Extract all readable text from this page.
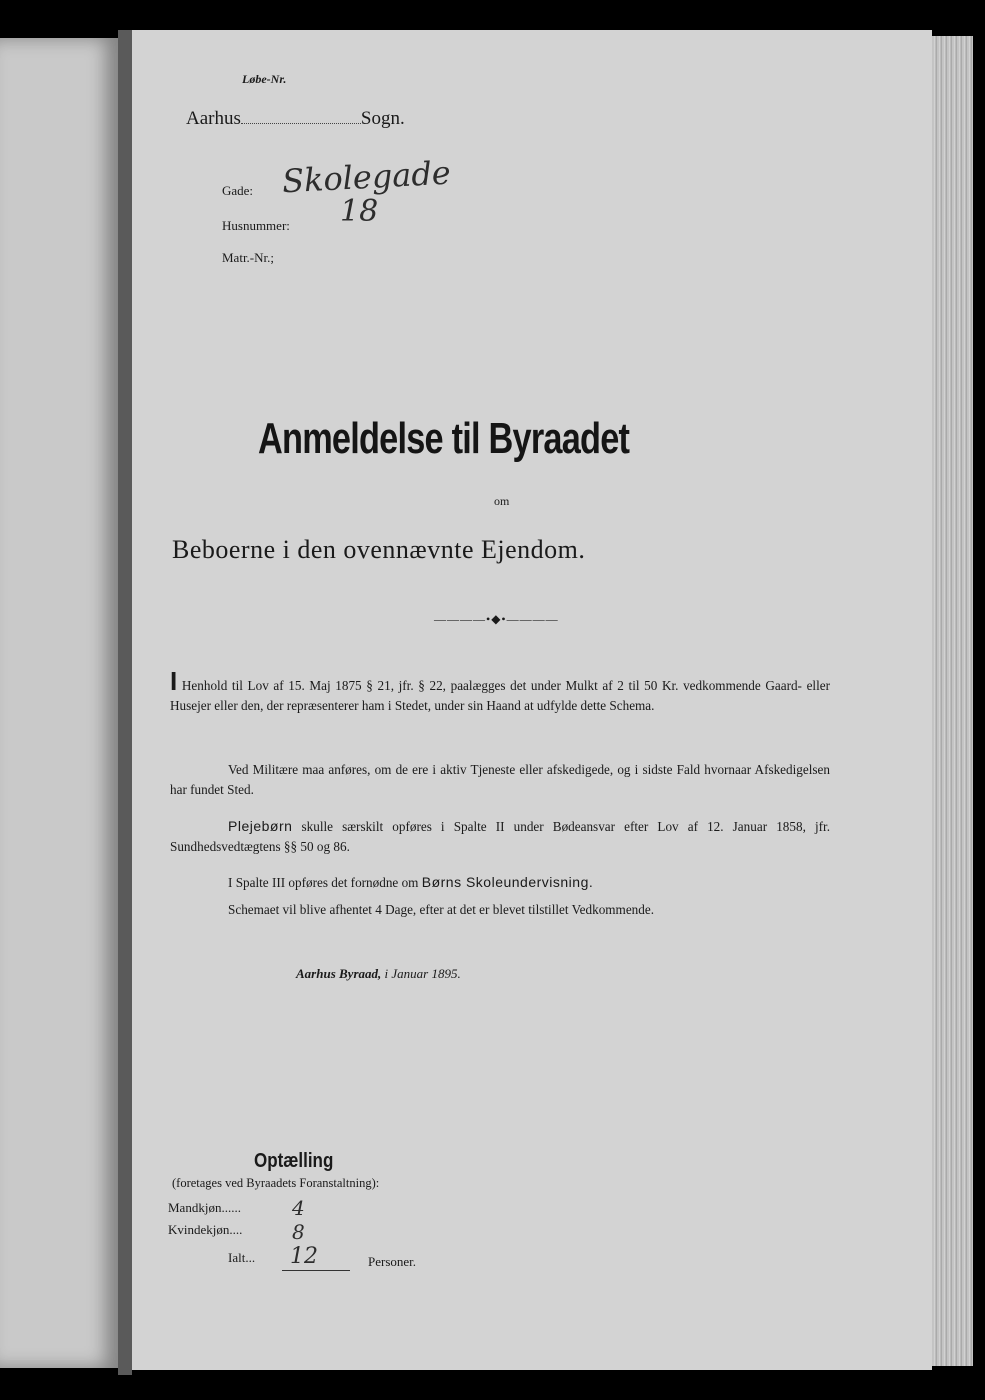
Løbe-Nr.
Aarhus	Sogn.
Gade: Skolegade
Husnummer: 18
Matr.-Nr.;
Anmeldelse til Byraadet
om
Beboerne i den ovennævnte Ejendom.
————•◆•————
I Henhold til Lov af 15. Maj 1875 § 21, jfr. § 22, paalægges det under Mulkt af 2 til 50 Kr. vedkommende Gaard- eller Husejer eller den, der repræsenterer ham i Stedet, under sin Haand at udfylde dette Schema.
Ved Militære maa anføres, om de ere i aktiv Tjeneste eller afskedigede, og i sidste Fald hvornaar Afskedigelsen har fundet Sted.
Plejebørn skulle særskilt opføres i Spalte II under Bødeansvar efter Lov af 12. Januar 1858, jfr. Sundhedsvedtægtens §§ 50 og 86.
I Spalte III opføres det fornødne om Børns Skoleundervisning.
Schemaet vil blive afhentet 4 Dage, efter at det er blevet tilstillet Vedkommende.
Aarhus Byraad, i Januar 1895.
Optælling
(foretages ved Byraadets Foranstaltning):
Mandkjøn......	4
Kvindekjøn.... 8
Ialt... 12	Personer.
